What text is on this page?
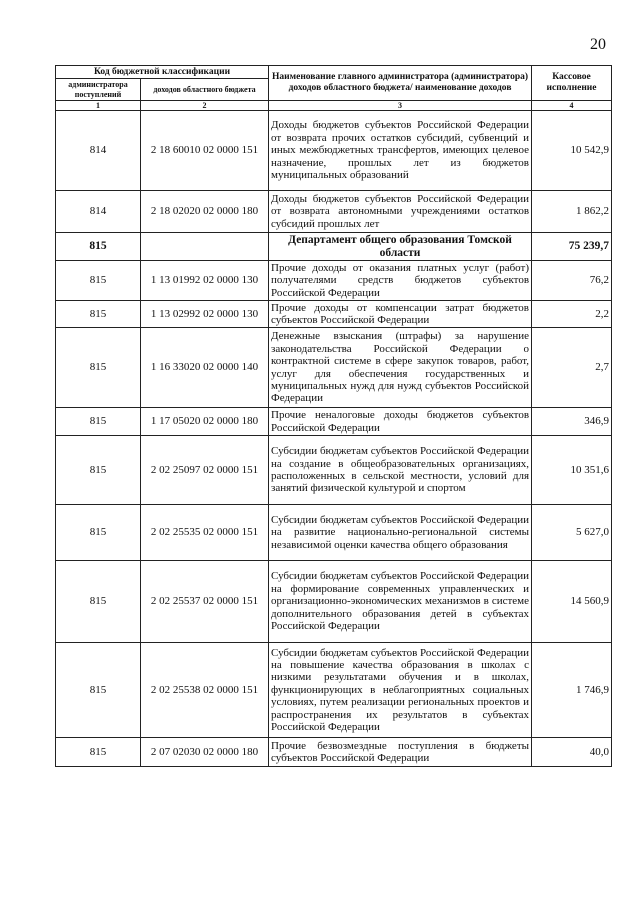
20
Код бюджетной классификации		Наименование главного администратора (администратора) доходов областного бюджета/ наименование доходов	Кассовое исполнение
администратора поступлений	доходов областного бюджета		
1	2	3	4
814	2 18 60010 02 0000 151	Доходы бюджетов субъектов Российской Федерации от возврата прочих остатков субсидий, субвенций и иных межбюджетных трансфертов, имеющих целевое назначение, прошлых лет из бюджетов муниципальных образований	10 542,9
814	2 18 02020 02 0000 180	Доходы бюджетов субъектов Российской Федерации от возврата автономными учреждениями остатков субсидий прошлых лет	1 862,2
815		Департамент общего образования Томской области	75 239,7
815	1 13 01992 02 0000 130	Прочие доходы от оказания платных услуг (работ) получателями средств бюджетов субъектов Российской Федерации	76,2
815	1 13 02992 02 0000 130	Прочие доходы от компенсации затрат бюджетов субъектов Российской Федерации	2,2
815	1 16 33020 02 0000 140	Денежные взыскания (штрафы) за нарушение законодательства Российской Федерации о контрактной системе в сфере закупок товаров, работ, услуг для обеспечения государственных и муниципальных нужд для нужд субъектов Российской Федерации	2,7
815	1 17 05020 02 0000 180	Прочие неналоговые доходы бюджетов субъектов Российской Федерации	346,9
815	2 02 25097 02 0000 151	Субсидии бюджетам субъектов Российской Федерации на создание в общеобразовательных организациях, расположенных в сельской местности, условий для занятий физической культурой и спортом	10 351,6
815	2 02 25535 02 0000 151	Субсидии бюджетам субъектов Российской Федерации на развитие национально-региональной системы независимой оценки качества общего образования	5 627,0
815	2 02 25537 02 0000 151	Субсидии бюджетам субъектов Российской Федерации на формирование современных управленческих и организационно-экономических механизмов в системе дополнительного образования детей в субъектах Российской Федерации	14 560,9
815	2 02 25538 02 0000 151	Субсидии бюджетам субъектов Российской Федерации на повышение качества образования в школах с низкими результатами обучения и в школах, функционирующих в неблагоприятных социальных условиях, путем реализации региональных проектов и распространения их результатов в субъектах Российской Федерации	1 746,9
815	2 07 02030 02 0000 180	Прочие безвозмездные поступления в бюджеты субъектов Российской Федерации	40,0
